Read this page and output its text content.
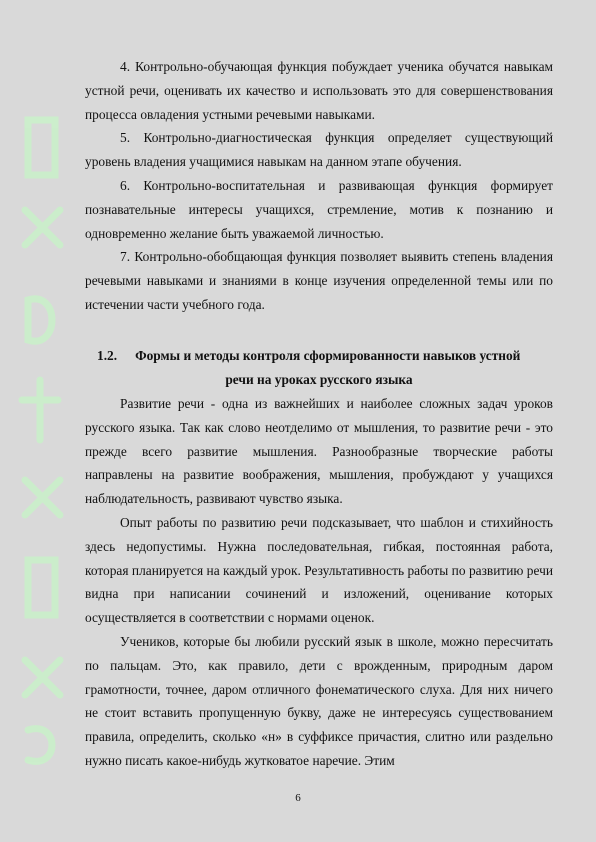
4. Контрольно-обучающая функция побуждает ученика обучатся навыкам устной речи, оценивать их качество и использовать это для совершенствования процесса овладения устными речевыми навыками.

5. Контрольно-диагностическая функция определяет существующий уровень владения учащимися навыкам на данном этапе обучения.

6. Контрольно-воспитательная и развивающая функция формирует познавательные интересы учащихся, стремление, мотив к познанию и одновременно желание быть уважаемой личностью.

7. Контрольно-обобщающая функция позволяет выявить степень владения речевыми навыками и знаниями в конце изучения определенной темы или по истечении части учебного года.

1.2. Формы и методы контроля сформированности навыков устной
речи на уроках русского языка

Развитие речи - одна из важнейших и наиболее сложных задач уроков русского языка. Так как слово неотделимо от мышления, то развитие речи - это прежде всего развитие мышления. Разнообразные творческие работы направлены на развитие воображения, мышления, пробуждают у учащихся наблюдательность, развивают чувство языка.

Опыт работы по развитию речи подсказывает, что шаблон и стихийность здесь недопустимы. Нужна последовательная, гибкая, постоянная работа, которая планируется на каждый урок. Результативность работы по развитию речи видна при написании сочинений и изложений, оценивание которых осуществляется в соответствии с нормами оценок.

Учеников, которые бы любили русский язык в школе, можно пересчитать по пальцам. Это, как правило, дети с врожденным, природным даром грамотности, точнее, даром отличного фонематического слуха. Для них ничего не стоит вставить пропущенную букву, даже не интересуясь существованием правила, определить, сколько «н» в суффиксе причастия, слитно или раздельно нужно писать какое-нибудь жутковатое наречие. Этим

6
